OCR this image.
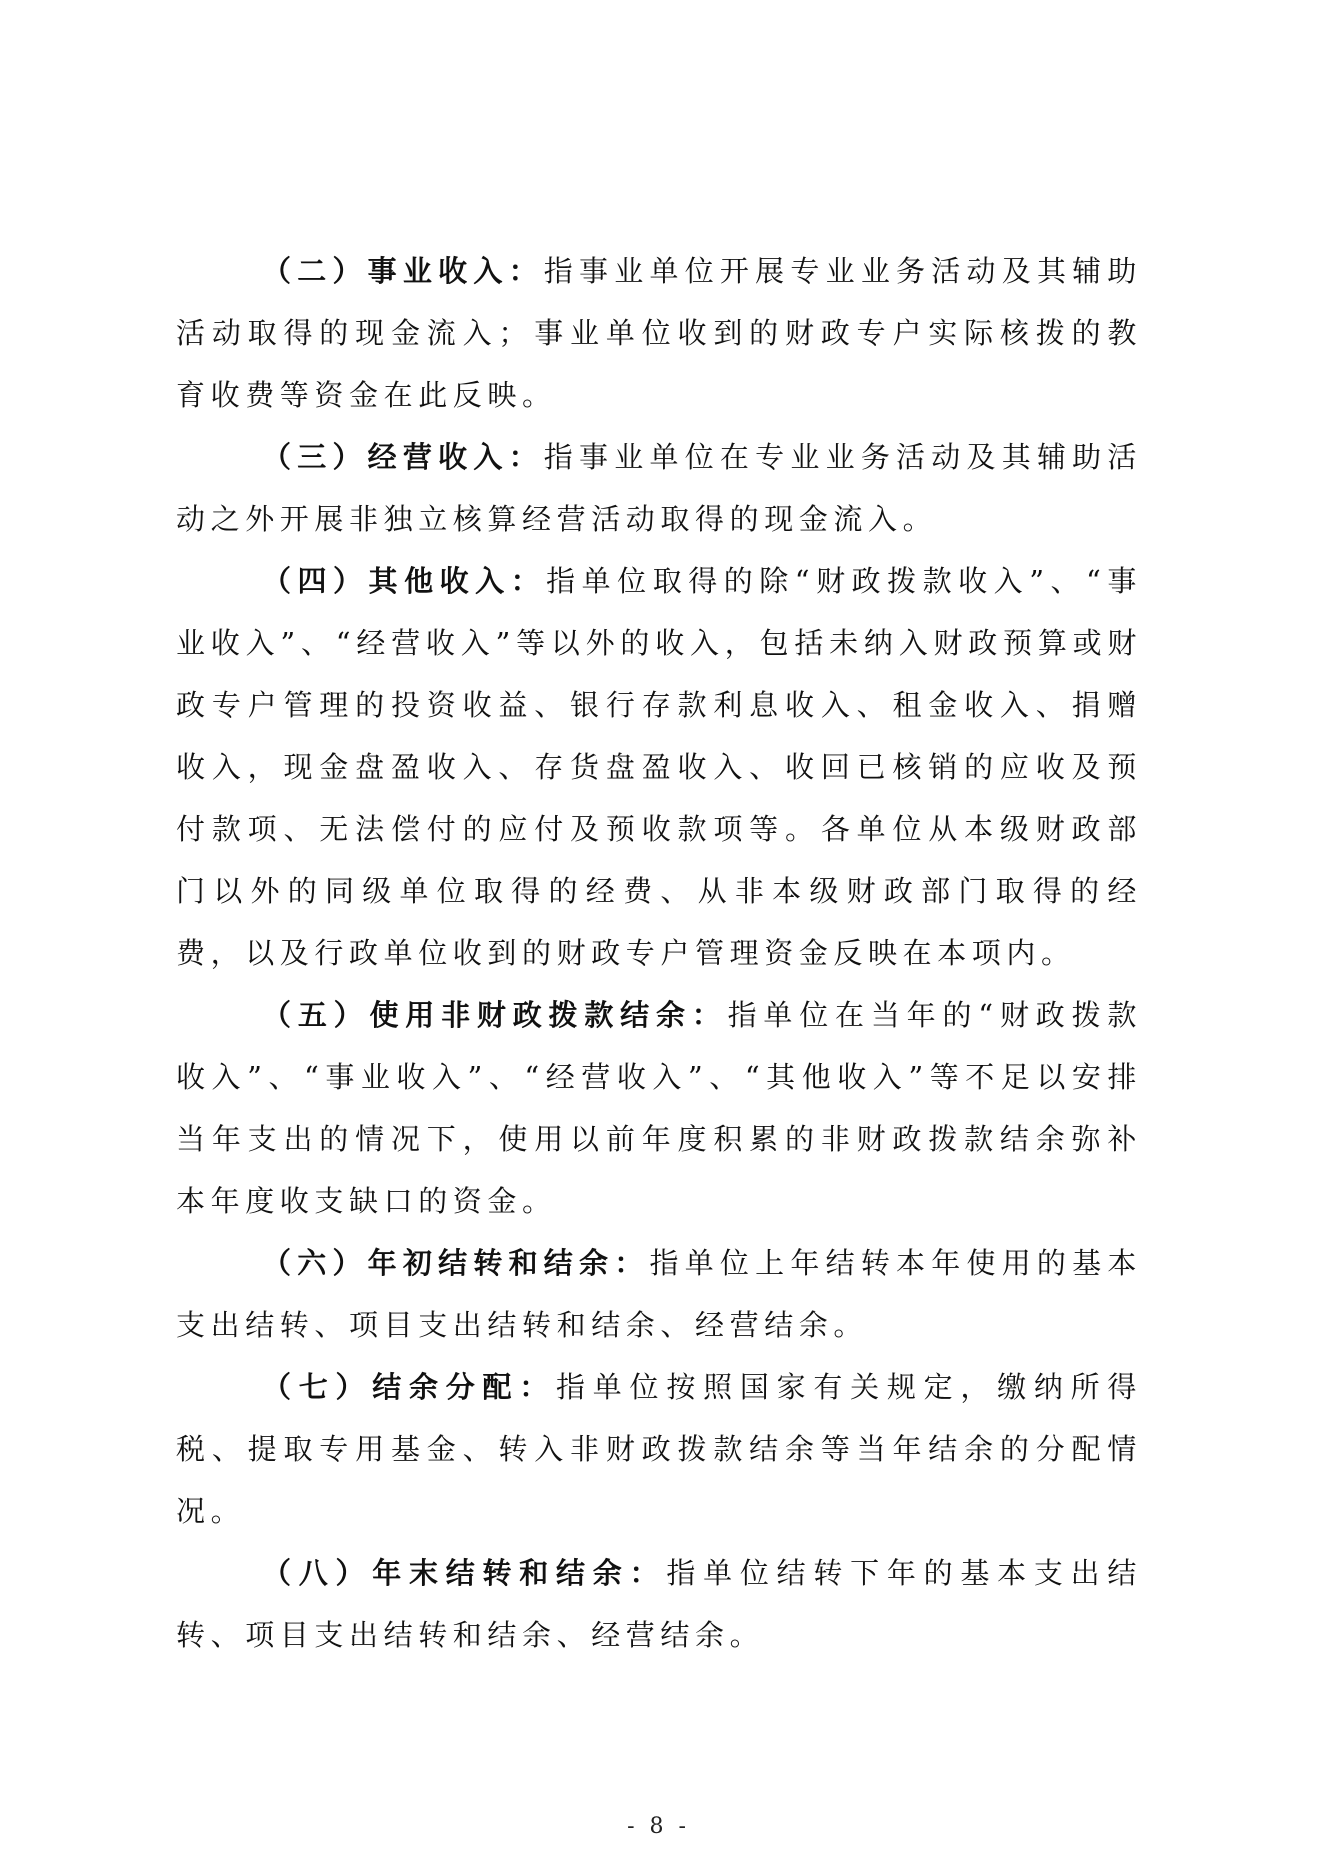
（二）事业收入：指事业单位开展专业业务活动及其辅助活动取得的现金流入；事业单位收到的财政专户实际核拨的教育收费等资金在此反映。

（三）经营收入：指事业单位在专业业务活动及其辅助活动之外开展非独立核算经营活动取得的现金流入。

（四）其他收入：指单位取得的除“财政拨款收入”、“事业收入”、“经营收入”等以外的收入，包括未纳入财政预算或财政专户管理的投资收益、银行存款利息收入、租金收入、捐赠收入，现金盘盈收入、存货盘盈收入、收回已核销的应收及预付款项、无法偿付的应付及预收款项等。各单位从本级财政部门以外的同级单位取得的经费、从非本级财政部门取得的经费，以及行政单位收到的财政专户管理资金反映在本项内。

（五）使用非财政拨款结余：指单位在当年的“财政拨款收入”、“事业收入”、“经营收入”、“其他收入”等不足以安排当年支出的情况下，使用以前年度积累的非财政拨款结余弥补本年度收支缺口的资金。

（六）年初结转和结余：指单位上年结转本年使用的基本支出结转、项目支出结转和结余、经营结余。

（七）结余分配：指单位按照国家有关规定，缴纳所得税、提取专用基金、转入非财政拨款结余等当年结余的分配情况。

（八）年末结转和结余：指单位结转下年的基本支出结转、项目支出结转和结余、经营结余。

- 8 -
